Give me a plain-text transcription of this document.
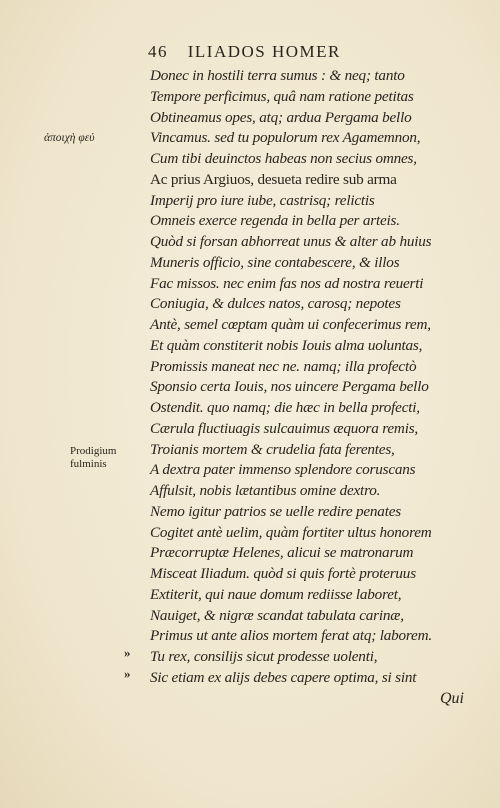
46 ILIADOS HOMER
ἀποιχὴ φεύ
Prodigium
fulminis
»
»
Donec in hostili terra sumus : & neq; tanto
Tempore perficimus, quâ nam ratione petitas
Obtineamus opes, atq; ardua Pergama bello
Vincamus. sed tu populorum rex Agamemnon,
Cum tibi deuinctos habeas non secius omnes,
Ac prius Argiuos, desueta redire sub arma
Imperij pro iure iube, castrisq; relictis
Omneis exerce regenda in bella per arteis.
Quòd si forsan abhorreat unus & alter ab huius
Muneris officio, sine contabescere, & illos
Fac missos. nec enim fas nos ad nostra reuerti
Coniugia, & dulces natos, carosq; nepotes
Antè, semel cœptam quàm ui confecerimus rem,
Et quàm constiterit nobis Iouis alma uoluntas,
Promissis maneat nec ne. namq; illa profectò
Sponsio certa Iouis, nos uincere Pergama bello
Ostendit. quo namq; die hæc in bella profecti,
Cærula fluctiuagis sulcauimus æquora remis,
Troianis mortem & crudelia fata ferentes,
A dextra pater immenso splendore coruscans
Affulsit, nobis lætantibus omine dextro.
Nemo igitur patrios se uelle redire penates
Cogitet antè uelim, quàm fortiter ultus honorem
Præcorruptæ Helenes, alicui se matronarum
Misceat Iliadum. quòd si quis fortè proteruus
Extiterit, qui naue domum rediisse laboret,
Nauiget, & nigræ scandat tabulata carinæ,
Primus ut ante alios mortem ferat atq; laborem.
Tu rex, consilijs sicut prodesse uolenti,
Sic etiam ex alijs debes capere optima, si sint
Qui
